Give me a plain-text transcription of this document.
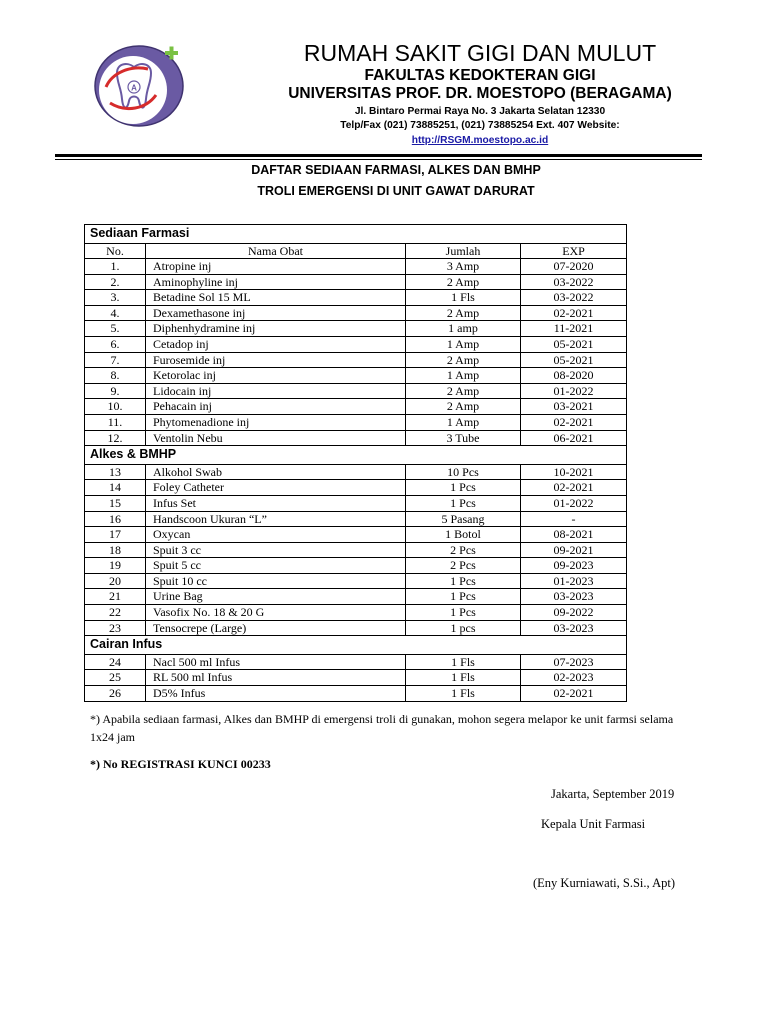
A
RUMAH SAKIT GIGI DAN MULUT
FAKULTAS KEDOKTERAN GIGI
UNIVERSITAS PROF. DR. MOESTOPO (BERAGAMA)
Jl. Bintaro Permai Raya No. 3 Jakarta Selatan 12330
Telp/Fax (021) 73885251, (021) 73885254 Ext. 407 Website:
http://RSGM.moestopo.ac.id
DAFTAR SEDIAAN FARMASI, ALKES DAN BMHP
TROLI EMERGENSI DI UNIT GAWAT DARURAT
Sediaan Farmasi			
No.	Nama Obat	Jumlah	EXP
1.	Atropine inj	3 Amp	07-2020
2.	Aminophyline inj	2 Amp	03-2022
3.	Betadine Sol 15 ML	1 Fls	03-2022
4.	Dexamethasone inj	2 Amp	02-2021
5.	Diphenhydramine inj	1 amp	11-2021
6.	Cetadop inj	1 Amp	05-2021
7.	Furosemide inj	2 Amp	05-2021
8.	Ketorolac inj	1 Amp	08-2020
9.	Lidocain inj	2 Amp	01-2022
10.	Pehacain inj	2 Amp	03-2021
11.	Phytomenadione inj	1 Amp	02-2021
12.	Ventolin Nebu	3 Tube	06-2021
Alkes & BMHP			
13	Alkohol Swab	10 Pcs	10-2021
14	Foley Catheter	1 Pcs	02-2021
15	Infus Set	1 Pcs	01-2022
16	Handscoon Ukuran “L”	5 Pasang	-
17	Oxycan	1 Botol	08-2021
18	Spuit 3 cc	2 Pcs	09-2021
19	Spuit 5 cc	2 Pcs	09-2023
20	Spuit 10 cc	1 Pcs	01-2023
21	Urine Bag	1 Pcs	03-2023
22	Vasofix No. 18 & 20 G	1 Pcs	09-2022
23	Tensocrepe (Large)	1 pcs	03-2023
Cairan Infus			
24	Nacl 500 ml Infus	1 Fls	07-2023
25	RL 500 ml Infus	1 Fls	02-2023
26	D5% Infus	1 Fls	02-2021
*) Apabila sediaan farmasi, Alkes dan BMHP di emergensi troli di gunakan, mohon segera melapor ke unit farmsi selama 1x24 jam
*) No REGISTRASI KUNCI 00233
Jakarta, September 2019
Kepala Unit Farmasi
(Eny Kurniawati, S.Si., Apt)
